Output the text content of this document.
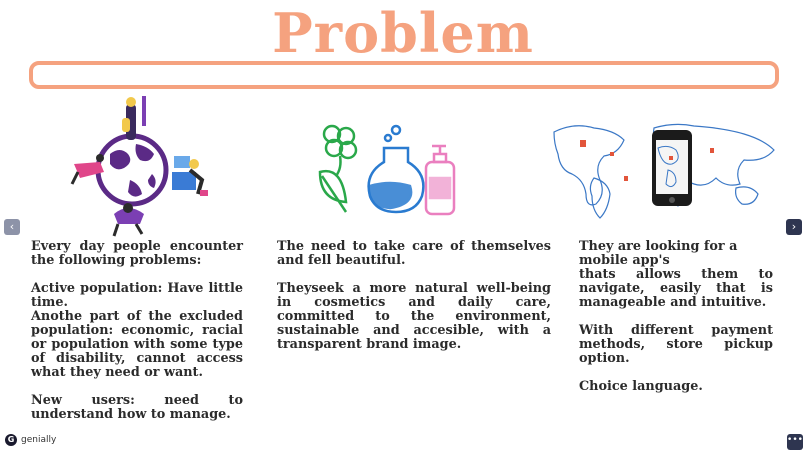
Problem

Every day people encounter the following problems:

Active population: Have little time.

Anothe part of the excluded population: economic, racial or population with some type of disability, cannot access what they need or want.

New users: need to understand how to manage.

The need to take care of themselves and fell beautiful.

Theyseek a more natural well-being in cosmetics and daily care, committed to the environment, sustainable and accesible, with a transparent brand image.

They are looking for a mobile app's

thats allows them to navigate, easily that is manageable and intuitive.

With different payment methods, store pickup option.

Choice language.

‹	›
G genially	•••
